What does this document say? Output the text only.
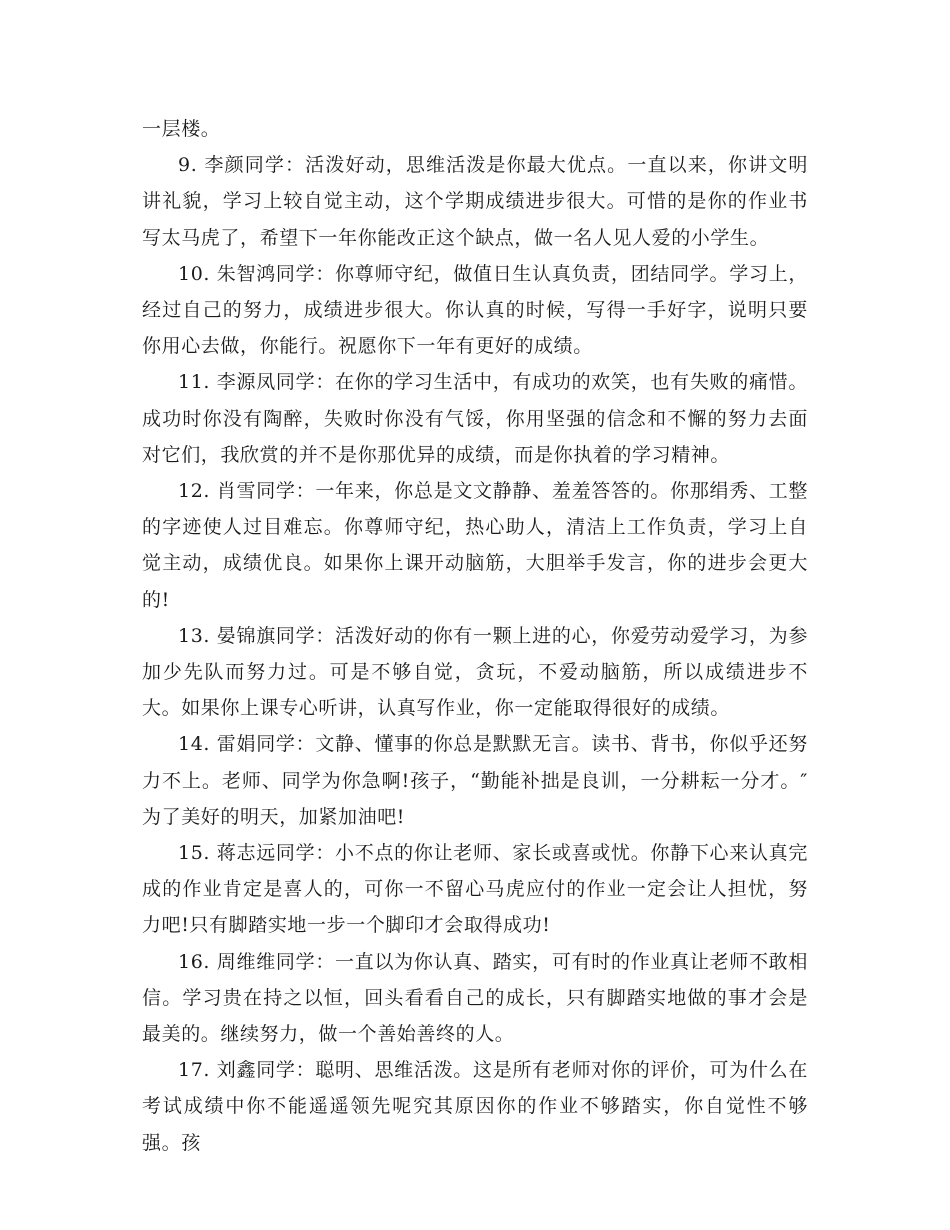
一层楼。

9. 李颜同学：活泼好动，思维活泼是你最大优点。一直以来，你讲文明讲礼貌，学习上较自觉主动，这个学期成绩进步很大。可惜的是你的作业书写太马虎了，希望下一年你能改正这个缺点，做一名人见人爱的小学生。

10. 朱智鸿同学：你尊师守纪，做值日生认真负责，团结同学。学习上，经过自己的努力，成绩进步很大。你认真的时候，写得一手好字，说明只要你用心去做，你能行。祝愿你下一年有更好的成绩。

11. 李源凤同学：在你的学习生活中，有成功的欢笑，也有失败的痛惜。成功时你没有陶醉，失败时你没有气馁，你用坚强的信念和不懈的努力去面对它们，我欣赏的并不是你那优异的成绩，而是你执着的学习精神。

12. 肖雪同学：一年来，你总是文文静静、羞羞答答的。你那绢秀、工整的字迹使人过目难忘。你尊师守纪，热心助人，清洁上工作负责，学习上自觉主动，成绩优良。如果你上课开动脑筋，大胆举手发言，你的进步会更大的!

13. 晏锦旗同学：活泼好动的你有一颗上进的心，你爱劳动爱学习，为参加少先队而努力过。可是不够自觉，贪玩，不爱动脑筋，所以成绩进步不大。如果你上课专心听讲，认真写作业，你一定能取得很好的成绩。

14. 雷娟同学：文静、懂事的你总是默默无言。读书、背书，你似乎还努力不上。老师、同学为你急啊!孩子，“勤能补拙是良训，一分耕耘一分才。″ 为了美好的明天，加紧加油吧!

15. 蒋志远同学：小不点的你让老师、家长或喜或忧。你静下心来认真完成的作业肯定是喜人的，可你一不留心马虎应付的作业一定会让人担忧，努力吧!只有脚踏实地一步一个脚印才会取得成功!

16. 周维维同学：一直以为你认真、踏实，可有时的作业真让老师不敢相信。学习贵在持之以恒，回头看看自己的成长，只有脚踏实地做的事才会是最美的。继续努力，做一个善始善终的人。

17. 刘鑫同学：聪明、思维活泼。这是所有老师对你的评价，可为什么在考试成绩中你不能遥遥领先呢究其原因你的作业不够踏实，你自觉性不够强。孩
